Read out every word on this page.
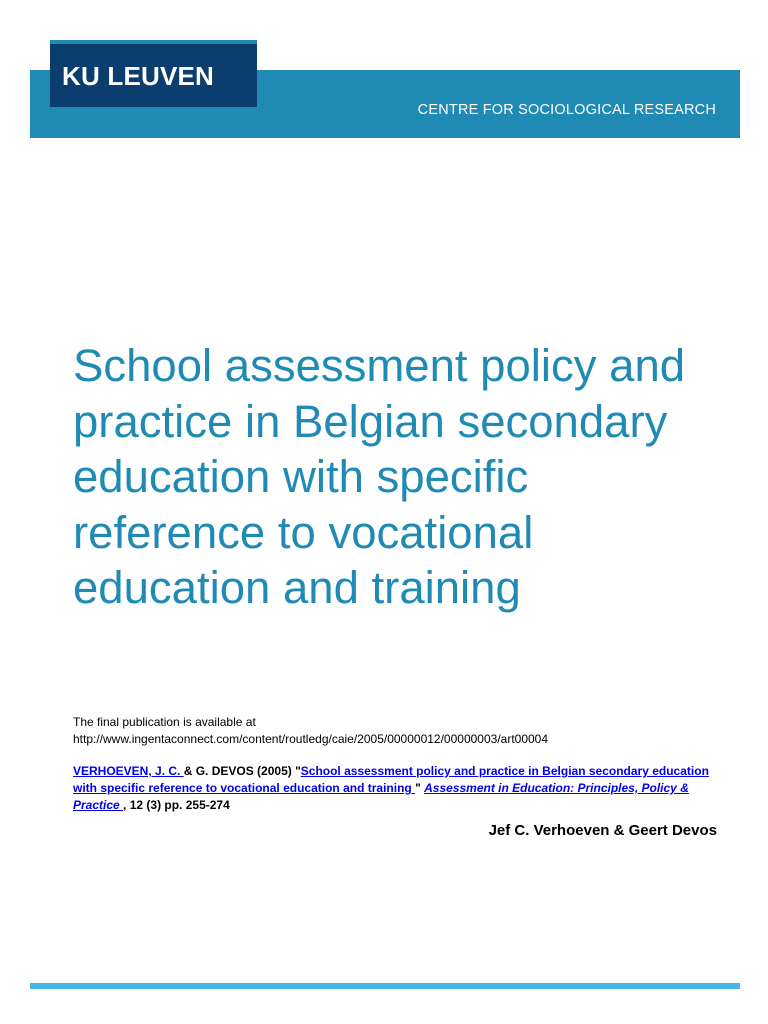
KU LEUVEN
CENTRE FOR SOCIOLOGICAL RESEARCH
School assessment policy and practice in Belgian secondary education with specific reference to vocational education and training
The final publication is available at
http://www.ingentaconnect.com/content/routledg/caie/2005/00000012/00000003/art00004
VERHOEVEN, J. C. & G. DEVOS (2005) "School assessment policy and practice in Belgian secondary education with specific reference to vocational education and training " Assessment in Education: Principles, Policy & Practice , 12 (3) pp. 255-274
Jef C. Verhoeven & Geert Devos
